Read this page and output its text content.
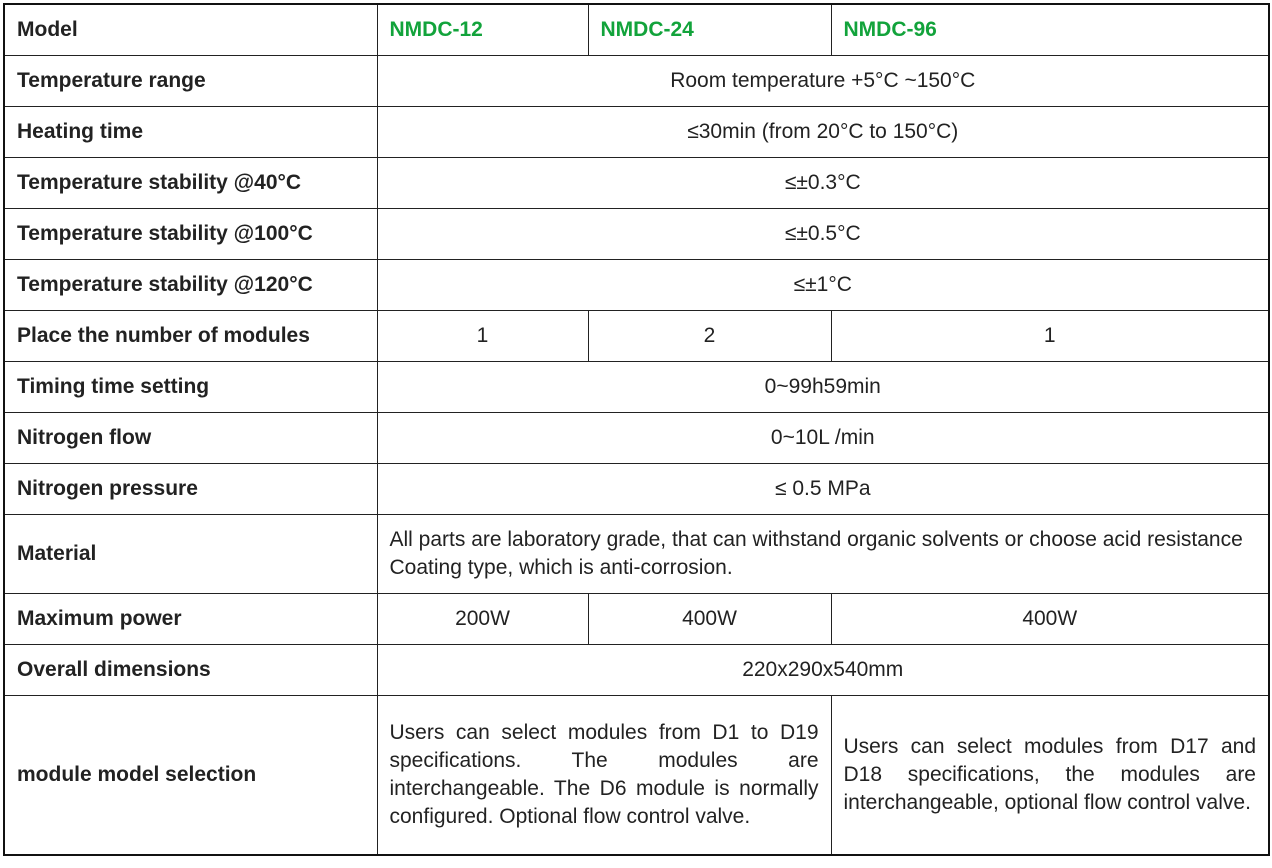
Model	NMDC-12	NMDC-24	NMDC-96
Temperature range	Room temperature +5°C ~150°C		
Heating time	≤30min (from 20°C to 150°C)		
Temperature stability @40°C	≤±0.3°C		
Temperature stability @100°C	≤±0.5°C		
Temperature stability @120°C	≤±1°C		
Place the number of modules	1	2	1
Timing time setting	0~99h59min		
Nitrogen flow	0~10L /min		
Nitrogen pressure	≤ 0.5 MPa		
Material	All parts are laboratory grade, that can withstand organic solvents or choose acid resistance Coating type, which is anti-corrosion.		
Maximum power	200W	400W	400W
Overall dimensions	220x290x540mm		
module model selection	Users can select modules from D1 to D19 specifications. The modules are interchangeable. The D6 module is normally configured. Optional flow control valve.		Users can select modules from D17 and D18 specifications, the modules are interchangeable, optional flow control valve.
